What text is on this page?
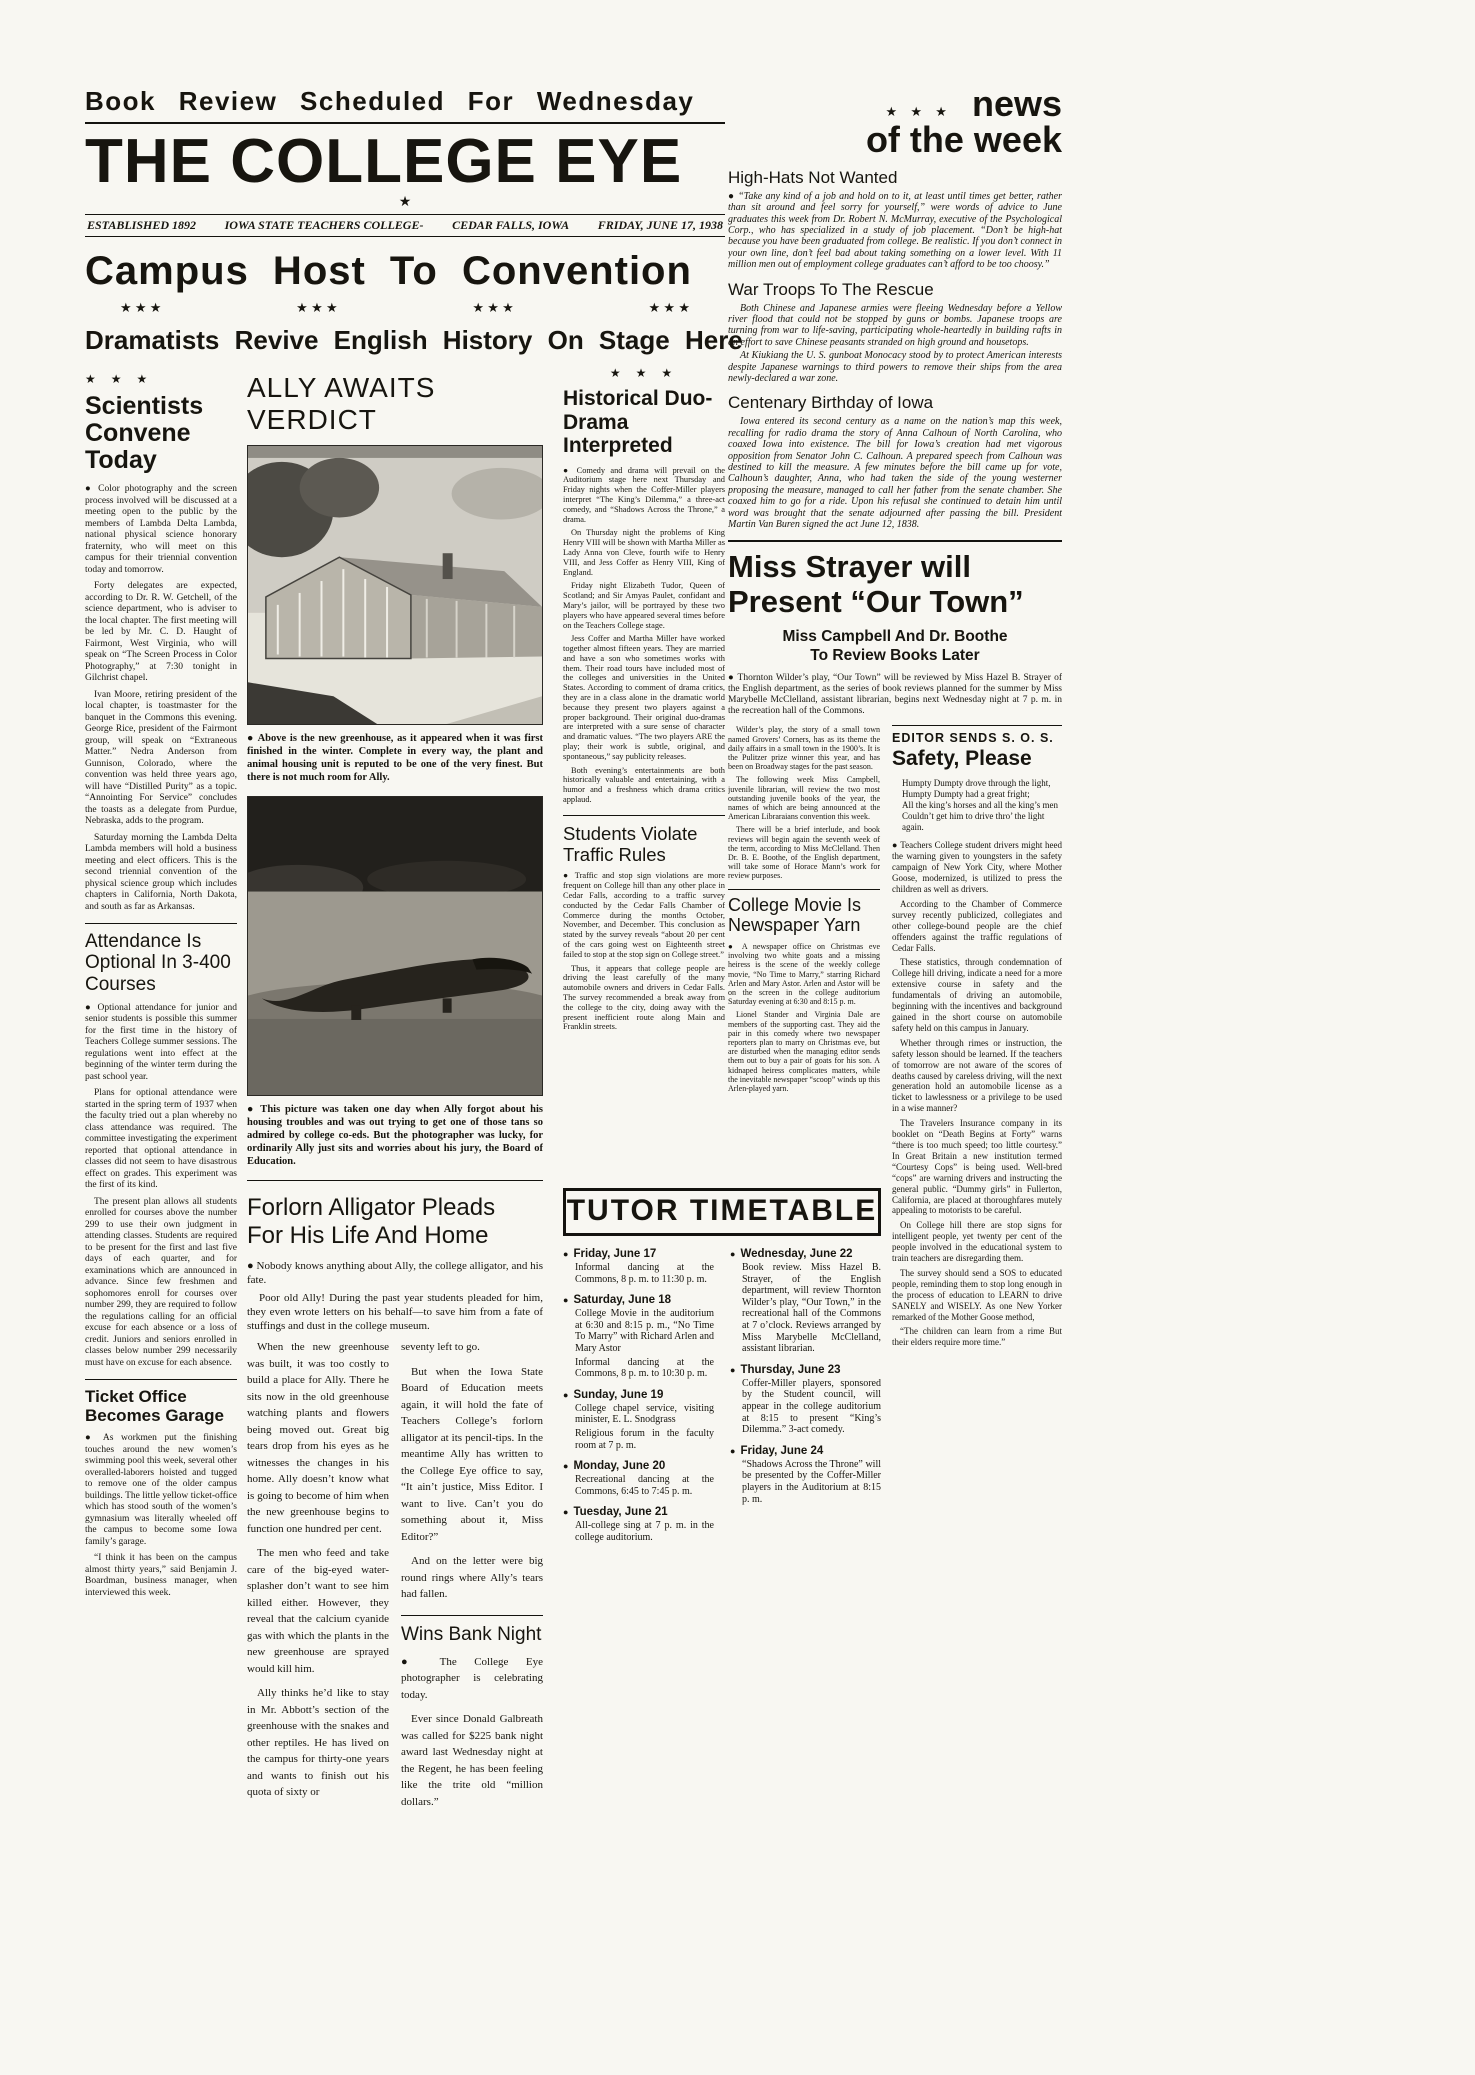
Book Review Scheduled For Wednesday
THE COLLEGE EYE
★
ESTABLISHED 1892 IOWA STATE TEACHERS COLLEGE- CEDAR FALLS, IOWA FRIDAY, JUNE 17, 1938
Campus Host To Convention
★ ★ ★	★ ★ ★	★ ★ ★	★ ★ ★
Dramatists Revive English History On Stage Here
★ ★ ★
Scientists Convene Today

● Color photography and the screen process involved will be discussed at a meeting open to the public by the members of Lambda Delta Lambda, national physical science honorary fraternity, who will meet on this campus for their triennial convention today and tomorrow.

Forty delegates are expected, according to Dr. R. W. Getchell, of the science department, who is adviser to the local chapter. The first meeting will be led by Mr. C. D. Haught of Fairmont, West Virginia, who will speak on “The Screen Process in Color Photography,” at 7:30 tonight in Gilchrist chapel.

Ivan Moore, retiring president of the local chapter, is toastmaster for the banquet in the Commons this evening. George Rice, president of the Fairmont group, will speak on “Extraneous Matter.” Nedra Anderson from Gunnison, Colorado, where the convention was held three years ago, will have “Distilled Purity” as a topic. “Annointing For Service” concludes the toasts as a delegate from Purdue, Nebraska, adds to the program.

Saturday morning the Lambda Delta Lambda members will hold a business meeting and elect officers. This is the second triennial convention of the physical science group which includes chapters in California, North Dakota, and south as far as Arkansas.

Attendance Is Optional In 3-400 Courses

● Optional attendance for junior and senior students is possible this summer for the first time in the history of Teachers College summer sessions. The regulations went into effect at the beginning of the winter term during the past school year.

Plans for optional attendance were started in the spring term of 1937 when the faculty tried out a plan whereby no class attendance was required. The committee investigating the experiment reported that optional attendance in classes did not seem to have disastrous effect on grades. This experiment was the first of its kind.

The present plan allows all students enrolled for courses above the number 299 to use their own judgment in attending classes. Students are required to be present for the first and last five days of each quarter, and for examinations which are announced in advance. Since few freshmen and sophomores enroll for courses over number 299, they are required to follow the regulations calling for an official excuse for each absence or a loss of credit. Juniors and seniors enrolled in classes below number 299 necessarily must have on excuse for each absence.

Ticket Office Becomes Garage

● As workmen put the finishing touches around the new women’s swimming pool this week, several other overalled-laborers hoisted and tugged to remove one of the older campus buildings. The little yellow ticket-office which has stood south of the women’s gymnasium was literally wheeled off the campus to become some Iowa family’s garage.

“I think it has been on the campus almost thirty years,” said Benjamin J. Boardman, business manager, when interviewed this week.

ALLY AWAITS VERDICT

● Above is the new greenhouse, as it appeared when it was first finished in the winter. Complete in every way, the plant and animal housing unit is reputed to be one of the very finest. But there is not much room for Ally.

● This picture was taken one day when Ally forgot about his housing troubles and was out trying to get one of those tans so admired by college co-eds. But the photographer was lucky, for ordinarily Ally just sits and worries about his jury, the Board of Education.

Forlorn Alligator Pleads
For His Life And Home

● Nobody knows anything about Ally, the college alligator, and his fate.

Poor old Ally! During the past year students pleaded for him, they even wrote letters on his behalf—to save him from a fate of stuffings and dust in the college museum.

When the new greenhouse was built, it was too costly to build a place for Ally. There he sits now in the old greenhouse watching plants and flowers being moved out. Great big tears drop from his eyes as he witnesses the changes in his home. Ally doesn’t know what is going to become of him when the new greenhouse begins to function one hundred per cent.

The men who feed and take care of the big-eyed water-splasher don’t want to see him killed either. However, they reveal that the calcium cyanide gas with which the plants in the new greenhouse are sprayed would kill him.

Ally thinks he’d like to stay in Mr. Abbott’s section of the greenhouse with the snakes and other reptiles. He has lived on the campus for thirty-one years and wants to finish out his quota of sixty or

seventy left to go.

But when the Iowa State Board of Education meets again, it will hold the fate of Teachers College’s forlorn alligator at its pencil-tips. In the meantime Ally has written to the College Eye office to say, “It ain’t justice, Miss Editor. I want to live. Can’t you do something about it, Miss Editor?”

And on the letter were big round rings where Ally’s tears had fallen.

Wins Bank Night

● The College Eye photographer is celebrating today.

Ever since Donald Galbreath was called for $225 bank night award last Wednesday night at the Regent, he has been feeling like the trite old “million dollars.”

★ ★ ★
Historical Duo-Drama Interpreted

● Comedy and drama will prevail on the Auditorium stage here next Thursday and Friday nights when the Coffer-Miller players interpret “The King’s Dilemma,” a three-act comedy, and “Shadows Across the Throne,” a drama.

On Thursday night the problems of King Henry VIII will be shown with Martha Miller as Lady Anna von Cleve, fourth wife to Henry VIII, and Jess Coffer as Henry VIII, King of England.

Friday night Elizabeth Tudor, Queen of Scotland; and Sir Amyas Paulet, confidant and Mary’s jailor, will be portrayed by these two players who have appeared several times before on the Teachers College stage.

Jess Coffer and Martha Miller have worked together almost fifteen years. They are married and have a son who sometimes works with them. Their road tours have included most of the colleges and universities in the United States. According to comment of drama critics, they are in a class alone in the dramatic world because they present two players against a proper background. Their original duo-dramas are interpreted with a sure sense of character and dramatic values. “The two players ARE the play; their work is subtle, original, and spontaneous,” say publicity releases.

Both evening’s entertainments are both historically valuable and entertaining, with a humor and a freshness which drama critics applaud.

Students Violate Traffic Rules

● Traffic and stop sign violations are more frequent on College hill than any other place in Cedar Falls, according to a traffic survey conducted by the Cedar Falls Chamber of Commerce during the months October, November, and December. This conclusion as stated by the survey reveals “about 20 per cent of the cars going west on Eighteenth street failed to stop at the stop sign on College street.”

Thus, it appears that college people are driving the least carefully of the many automobile owners and drivers in Cedar Falls. The survey recommended a break away from the college to the city, doing away with the present inefficient route along Main and Franklin streets.

★ ★ ★ news
of the week
High-Hats Not Wanted

● “Take any kind of a job and hold on to it, at least until times get better, rather than sit around and feel sorry for yourself,” were words of advice to June graduates this week from Dr. Robert N. McMurray, executive of the Psychological Corp., who has specialized in a study of job placement. “Don’t be high-hat because you have been graduated from college. Be realistic. If you don’t connect in your own line, don’t feel bad about taking something on a lower level. With 11 million men out of employment college graduates can’t afford to be too choosy.”

War Troops To The Rescue

Both Chinese and Japanese armies were fleeing Wednesday before a Yellow river flood that could not be stopped by guns or bombs. Japanese troops are turning from war to life-saving, participating whole-heartedly in building rafts in an effort to save Chinese peasants stranded on high ground and housetops.

At Kiukiang the U. S. gunboat Monocacy stood by to protect American interests despite Japanese warnings to third powers to remove their ships from the area newly-declared a war zone.

Centenary Birthday of Iowa

Iowa entered its second century as a name on the nation’s map this week, recalling for radio drama the story of Anna Calhoun of North Carolina, who coaxed Iowa into existence. The bill for Iowa’s creation had met vigorous opposition from Senator John C. Calhoun. A prepared speech from Calhoun was destined to kill the measure. A few minutes before the bill came up for vote, Calhoun’s daughter, Anna, who had taken the side of the young westerner proposing the measure, managed to call her father from the senate chamber. She coaxed him to go for a ride. Upon his refusal she continued to detain him until word was brought that the senate adjourned after passing the bill. President Martin Van Buren signed the act June 12, 1838.

Miss Strayer will
Present “Our Town”
Miss Campbell And Dr. Boothe
To Review Books Later

● Thornton Wilder’s play, “Our Town” will be reviewed by Miss Hazel B. Strayer of the English department, as the series of book reviews planned for the summer by Miss Marybelle McClelland, assistant librarian, begins next Wednesday night at 7 p. m. in the recreation hall of the Commons.

Wilder’s play, the story of a small town named Grovers’ Corners, has as its theme the daily affairs in a small town in the 1900’s. It is the Pulitzer prize winner this year, and has been on Broadway stages for the past season.

The following week Miss Campbell, juvenile librarian, will review the two most outstanding juvenile books of the year, the names of which are being announced at the American Libraraians convention this week.

There will be a brief interlude, and book reviews will begin again the seventh week of the term, according to Miss McClelland. Then Dr. B. E. Boothe, of the English department, will take some of Horace Mann’s work for review purposes.

College Movie Is Newspaper Yarn

● A newspaper office on Christmas eve involving two white goats and a missing heiress is the scene of the weekly college movie, “No Time to Marry,” starring Richard Arlen and Mary Astor. Arlen and Astor will be on the screen in the college auditorium Saturday evening at 6:30 and 8:15 p. m.

Lionel Stander and Virginia Dale are members of the supporting cast. They aid the pair in this comedy where two newspaper reporters plan to marry on Christmas eve, but are disturbed when the managing editor sends them out to buy a pair of goats for his son. A kidnaped heiress complicates matters, while the inevitable newspaper “scoop” winds up this Arlen-played yarn.

EDITOR SENDS S. O. S.
Safety, Please
Humpty Dumpty drove through the light,
Humpty Dumpty had a great fright;
All the king’s horses and all the king’s men
Couldn’t get him to drive thro’ the light again.

● Teachers College student drivers might heed the warning given to youngsters in the safety campaign of New York City, where Mother Goose, modernized, is utilized to press the children as well as drivers.

According to the Chamber of Commerce survey recently publicized, collegiates and other college-bound people are the chief offenders against the traffic regulations of Cedar Falls.

These statistics, through condemnation of College hill driving, indicate a need for a more extensive course in safety and the fundamentals of driving an automobile, beginning with the incentives and background gained in the short course on automobile safety held on this campus in January.

Whether through rimes or instruction, the safety lesson should be learned. If the teachers of tomorrow are not aware of the scores of deaths caused by careless driving, will the next generation hold an automobile license as a ticket to lawlessness or a privilege to be used in a wise manner?

The Travelers Insurance company in its booklet on “Death Begins at Forty” warns “there is too much speed; too little courtesy.” In Great Britain a new institution termed “Courtesy Cops” is being used. Well-bred “cops” are warning drivers and instructing the general public. “Dummy girls” in Fullerton, California, are placed at thoroughfares mutely appealing to motorists to be careful.

On College hill there are stop signs for intelligent people, yet twenty per cent of the people involved in the educational system to train teachers are disregarding them.

The survey should send a SOS to educated people, reminding them to stop long enough in the process of education to LEARN to drive SANELY and WISELY. As one New Yorker remarked of the Mother Goose method,

“The children can learn from a rime But their elders require more time.”

TUTOR TIMETABLE
● Friday, June 17

Informal dancing at the Commons, 8 p. m. to 11:30 p. m.

● Saturday, June 18

College Movie in the auditorium at 6:30 and 8:15 p. m., “No Time To Marry” with Richard Arlen and Mary Astor

Informal dancing at the Commons, 8 p. m. to 10:30 p. m.

● Sunday, June 19

College chapel service, visiting minister, E. L. Snodgrass

Religious forum in the faculty room at 7 p. m.

● Monday, June 20

Recreational dancing at the Commons, 6:45 to 7:45 p. m.

● Tuesday, June 21

All-college sing at 7 p. m. in the college auditorium.

● Wednesday, June 22

Book review. Miss Hazel B. Strayer, of the English department, will review Thornton Wilder’s play, “Our Town,” in the recreational hall of the Commons at 7 o’clock. Reviews arranged by Miss Marybelle McClelland, assistant librarian.

● Thursday, June 23

Coffer-Miller players, sponsored by the Student council, will appear in the college auditorium at 8:15 to present “King’s Dilemma.” 3-act comedy.

● Friday, June 24

“Shadows Across the Throne” will be presented by the Coffer-Miller players in the Auditorium at 8:15 p. m.
